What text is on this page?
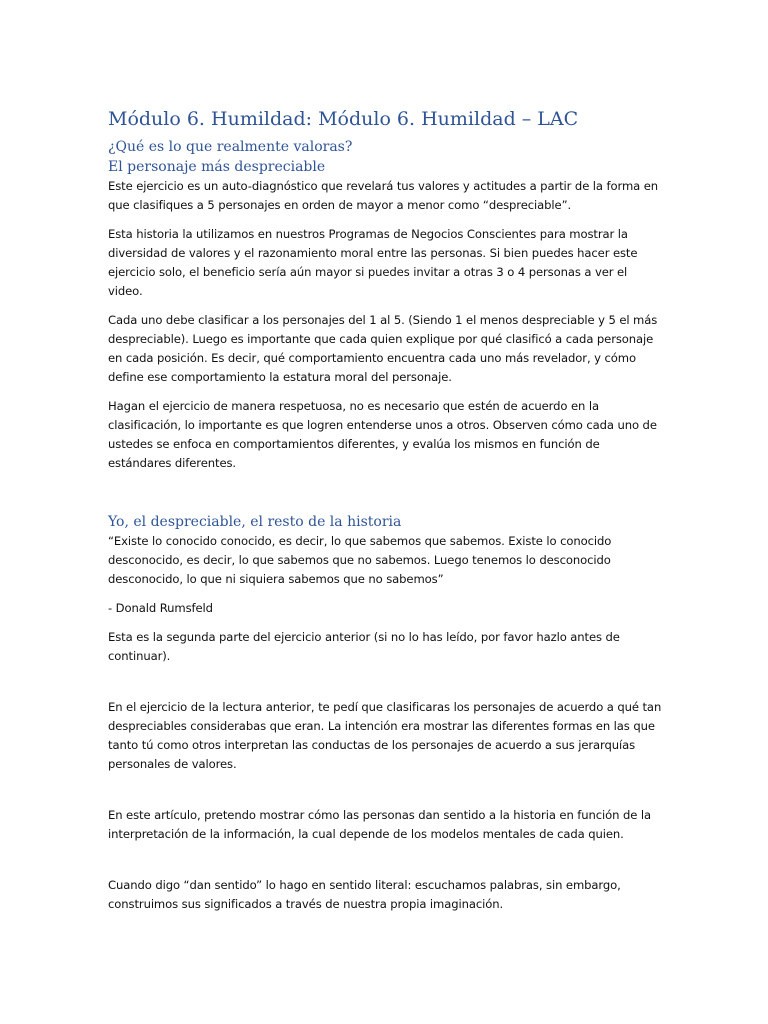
Módulo 6. Humildad: Módulo 6. Humildad – LAC
¿Qué es lo que realmente valoras?
El personaje más despreciable

Este ejercicio es un auto-diagnóstico que revelará tus valores y actitudes a partir de la forma en que clasifiques a 5 personajes en orden de mayor a menor como “despreciable”.

Esta historia la utilizamos en nuestros Programas de Negocios Conscientes para mostrar la diversidad de valores y el razonamiento moral entre las personas. Si bien puedes hacer este ejercicio solo, el beneficio sería aún mayor si puedes invitar a otras 3 o 4 personas a ver el video.

Cada uno debe clasificar a los personajes del 1 al 5. (Siendo 1 el menos despreciable y 5 el más despreciable). Luego es importante que cada quien explique por qué clasificó a cada personaje en cada posición. Es decir, qué comportamiento encuentra cada uno más revelador, y cómo define ese comportamiento la estatura moral del personaje.

Hagan el ejercicio de manera respetuosa, no es necesario que estén de acuerdo en la clasificación, lo importante es que logren entenderse unos a otros. Observen cómo cada uno de ustedes se enfoca en comportamientos diferentes, y evalúa los mismos en función de estándares diferentes.

Yo, el despreciable, el resto de la historia

“Existe lo conocido conocido, es decir, lo que sabemos que sabemos. Existe lo conocido desconocido, es decir, lo que sabemos que no sabemos. Luego tenemos lo desconocido desconocido, lo que ni siquiera sabemos que no sabemos”

- Donald Rumsfeld

Esta es la segunda parte del ejercicio anterior (si no lo has leído, por favor hazlo antes de continuar).

En el ejercicio de la lectura anterior, te pedí que clasificaras los personajes de acuerdo a qué tan despreciables considerabas que eran. La intención era mostrar las diferentes formas en las que tanto tú como otros interpretan las conductas de los personajes de acuerdo a sus jerarquías personales de valores.

En este artículo, pretendo mostrar cómo las personas dan sentido a la historia en función de la interpretación de la información, la cual depende de los modelos mentales de cada quien.

Cuando digo “dan sentido” lo hago en sentido literal: escuchamos palabras, sin embargo, construimos sus significados a través de nuestra propia imaginación.
